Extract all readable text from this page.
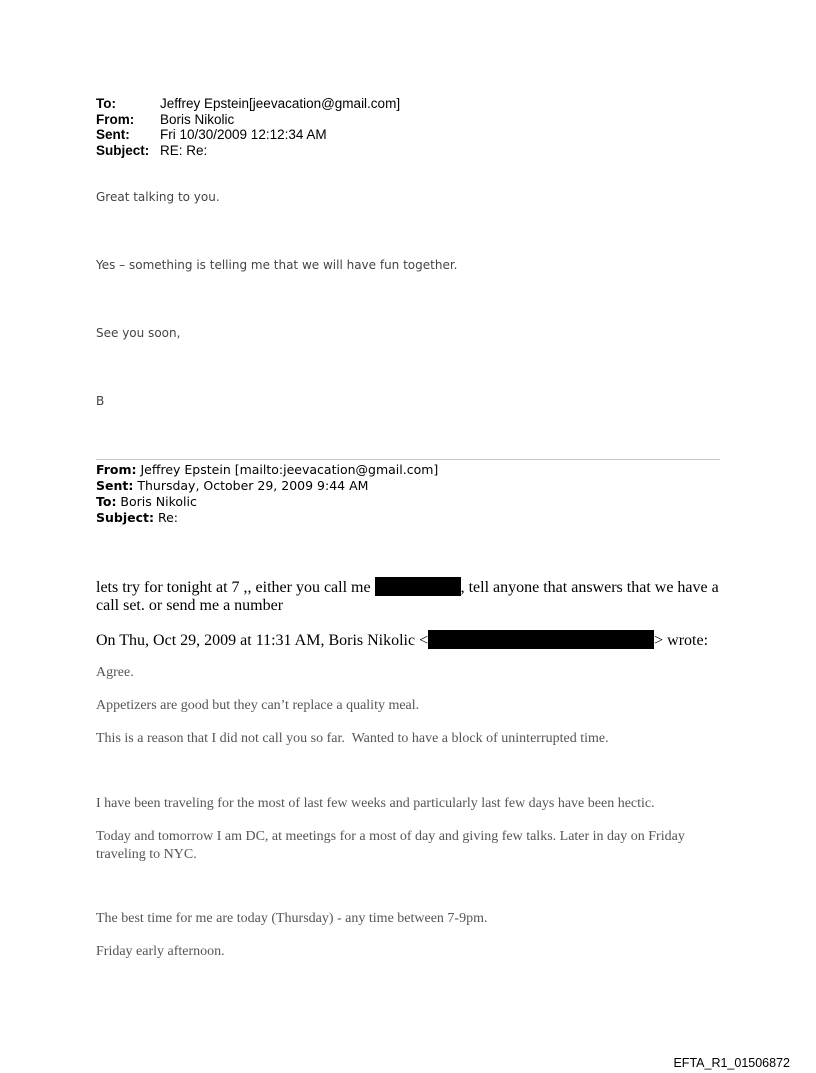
To:	Jeffrey Epstein[jeevacation@gmail.com]
From:	Boris Nikolic
Sent:	Fri 10/30/2009 12:12:34 AM
Subject: RE: Re:
Great talking to you.
Yes – something is telling me that we will have fun together.
See you soon,
B
From: Jeffrey Epstein [mailto:jeevacation@gmail.com]
Sent: Thursday, October 29, 2009 9:44 AM
To: Boris Nikolic
Subject: Re:
lets try for tonight at 7 ,, either you call me	, tell anyone that answers that we have a
call set. or send me a number
On Thu, Oct 29, 2009 at 11:31 AM, Boris Nikolic <	> wrote:
Agree.
Appetizers are good but they can’t replace a quality meal.
This is a reason that I did not call you so far.  Wanted to have a block of uninterrupted time.
I have been traveling for the most of last few weeks and particularly last few days have been hectic.
Today and tomorrow I am DC, at meetings for a most of day and giving few talks. Later in day on Friday
traveling to NYC.
The best time for me are today (Thursday) - any time between 7-9pm.
Friday early afternoon.
EFTA_R1_01506872
